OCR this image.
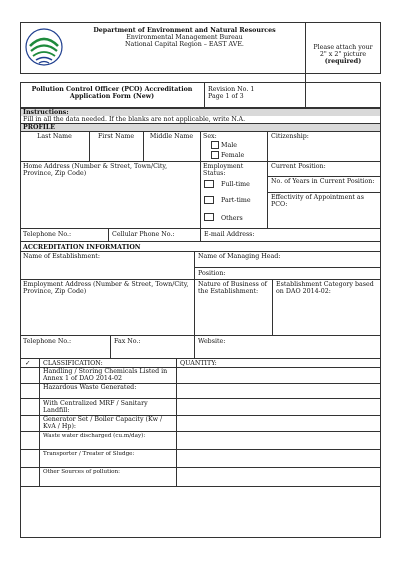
Department of Environment and Natural Resources
Environmental Management Bureau
National Capital Region – EAST AVE.	Please attach your
2" x 2" picture
(required)
Pollution Control Officer (PCO) Accreditation
Application Form (New)
Revision No. 1
Page 1 of 3
Instructions:
Fill in all the data needed. If the blanks are not applicable, write N.A.
PROFILE
Last Name	First Name	Middle Name	Sex:	Citizenship:
Male
Female
Home Address (Number & Street, Town/City, Province, Zip Code)
Employment Status:
Current Position:
No. of Years in Current Position:
Effectivity of Appointment as PCO:
Full-time
Part-time
Others
Telephone No.:	Cellular Phone No.:	E-mail Address:
ACCREDITATION INFORMATION
Name of Establishment:	Name of Managing Head:
Position:
Employment Address (Number & Street, Town/City, Province, Zip Code)
Nature of Business of the Establishment:
Establishment Category based on DAO 2014-02:
Telephone No.:	Fax No.:	Website:
✓ CLASSIFICATION:	QUANTITY:
Handling / Storing Chemicals Listed in Annex 1 of DAO 2014-02
Hazardous Waste Generated:
With Centralized MRF / Sanitary Landfill:
Generator Set / Boiler Capacity (Kw / KvA / Hp):
Waste water discharged (cu.m/day):
Transporter / Treater of Sludge:
Other Sources of pollution:
